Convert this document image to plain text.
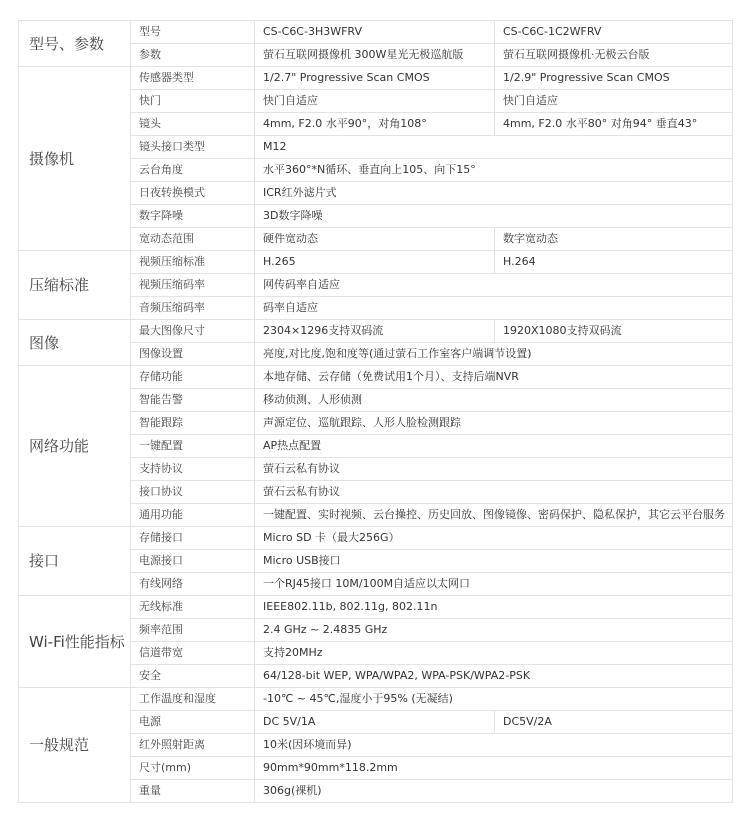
型号、参数	型号	CS-C6C-3H3WFRV	CS-C6C-1C2WFRV
	参数	萤石互联网摄像机 300W星光无极巡航版	萤石互联网摄像机·无极云台版
摄像机	传感器类型	1/2.7" Progressive Scan CMOS	1/2.9" Progressive Scan CMOS
	快门	快门自适应	快门自适应
	镜头	4mm, F2.0 水平90°，对角108°	4mm, F2.0 水平80° 对角94° 垂直43°
	镜头接口类型	M12	
	云台角度	水平360°*N循环、垂直向上105、向下15°	
	日夜转换模式	ICR红外滤片式	
	数字降噪	3D数字降噪	
	宽动态范围	硬件宽动态	数字宽动态
压缩标准	视频压缩标准	H.265	H.264
	视频压缩码率	网传码率自适应	
	音频压缩码率	码率自适应	
图像	最大图像尺寸	2304×1296支持双码流	1920X1080支持双码流
	图像设置	亮度,对比度,饱和度等(通过萤石工作室客户端调节设置)	
网络功能	存储功能	本地存储、云存储（免费试用1个月）、支持后端NVR	
	智能告警	移动侦测、人形侦测	
	智能跟踪	声源定位、巡航跟踪、人形人脸检测跟踪	
	一键配置	AP热点配置	
	支持协议	萤石云私有协议	
	接口协议	萤石云私有协议	
	通用功能	一键配置、实时视频、云台操控、历史回放、图像镜像、密码保护、隐私保护，其它云平台服务	
接口	存储接口	Micro SD 卡（最大256G）	
	电源接口	Micro USB接口	
	有线网络	一个RJ45接口 10M/100M自适应以太网口	
Wi-Fi性能指标	无线标准	IEEE802.11b, 802.11g, 802.11n	
	频率范围	2.4 GHz ~ 2.4835 GHz	
	信道带宽	支持20MHz	
	安全	64/128-bit WEP, WPA/WPA2, WPA-PSK/WPA2-PSK	
一般规范	工作温度和湿度	-10℃ ~ 45℃,湿度小于95% (无凝结)	
	电源	DC 5V/1A	DC5V/2A
	红外照射距离	10米(因环境而异)	
	尺寸(mm)	90mm*90mm*118.2mm	
	重量	306g(裸机)	
